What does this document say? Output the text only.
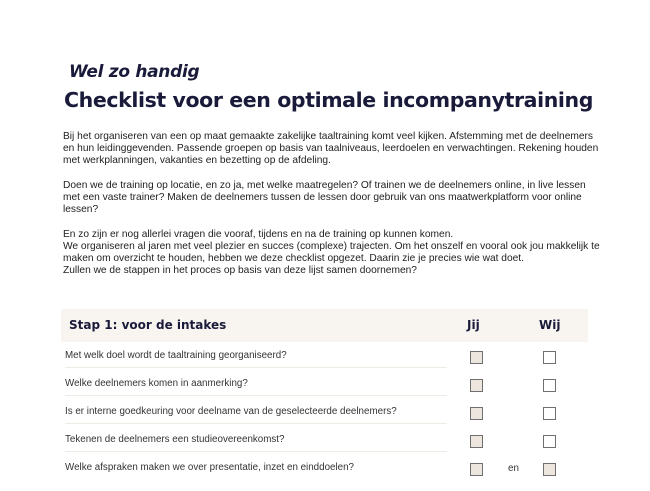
Wel zo handig
Checklist voor een optimale incompanytraining

Bij het organiseren van een op maat gemaakte zakelijke taaltraining komt veel kijken. Afstemming met de deelnemers en hun leidinggevenden. Passende groepen op basis van taalniveaus, leerdoelen en verwachtingen. Rekening houden met werkplanningen, vakanties en bezetting op de afdeling.

Doen we de training op locatie, en zo ja, met welke maatregelen? Of trainen we de deelnemers online, in live lessen met een vaste trainer? Maken de deelnemers tussen de lessen door gebruik van ons maatwerkplatform voor online lessen?

En zo zijn er nog allerlei vragen die vooraf, tijdens en na de training op kunnen komen.

We organiseren al jaren met veel plezier en succes (complexe) trajecten. Om het onszelf en vooral ook jou makkelijk te maken om overzicht te houden, hebben we deze checklist opgezet. Daarin zie je precies wie wat doet.

Zullen we de stappen in het proces op basis van deze lijst samen doornemen?

Stap 1: voor de intakes	Jij	Wij
Met welk doel wordt de taaltraining georganiseerd?
Welke deelnemers komen in aanmerking?
Is er interne goedkeuring voor deelname van de geselecteerde deelnemers?
Tekenen de deelnemers een studieovereenkomst?
Welke afspraken maken we over presentatie, inzet en einddoelen?	en
